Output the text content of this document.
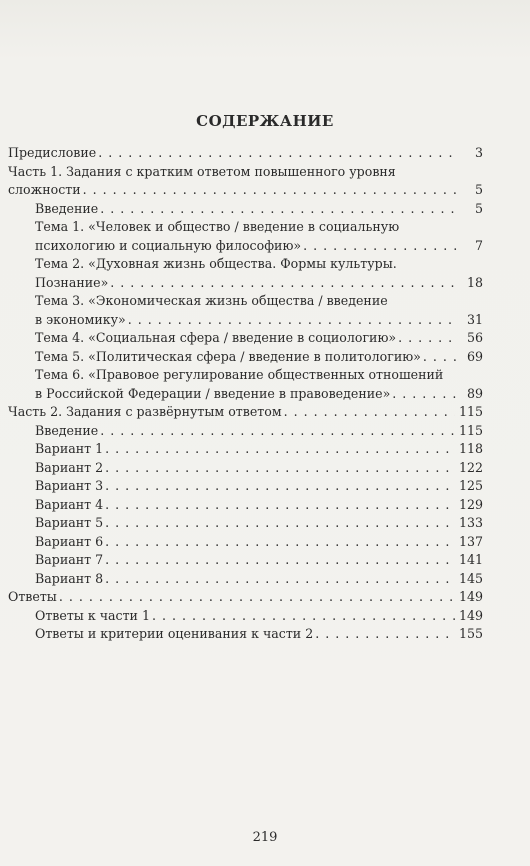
СОДЕРЖАНИЕ
Предисловие . . .	3
Часть 1. Задания с кратким ответом повышенного уровня
сложности . . .	5
Введение . . .	5
Тема 1. «Человек и общество / введение в социальную
психологию и социальную философию» . . .	7
Тема 2. «Духовная жизнь общества. Формы культуры.
Познание» . . .	18
Тема 3. «Экономическая жизнь общества / введение
в экономику» . . .	31
Тема 4. «Социальная сфера / введение в социологию» . . .	56
Тема 5. «Политическая сфера / введение в политологию» . . .	69
Тема 6. «Правовое регулирование общественных отношений
в Российской Федерации / введение в правоведение» . . .	89
Часть 2. Задания с развёрнутым ответом . . .	115
Введение . . .	115
Вариант 1 . . .	118
Вариант 2 . . .	122
Вариант 3 . . .	125
Вариант 4 . . .	129
Вариант 5 . . .	133
Вариант 6 . . .	137
Вариант 7 . . .	141
Вариант 8 . . .	145
Ответы . . .	149
Ответы к части 1 . . .	149
Ответы и критерии оценивания к части 2 . . .	155
219
